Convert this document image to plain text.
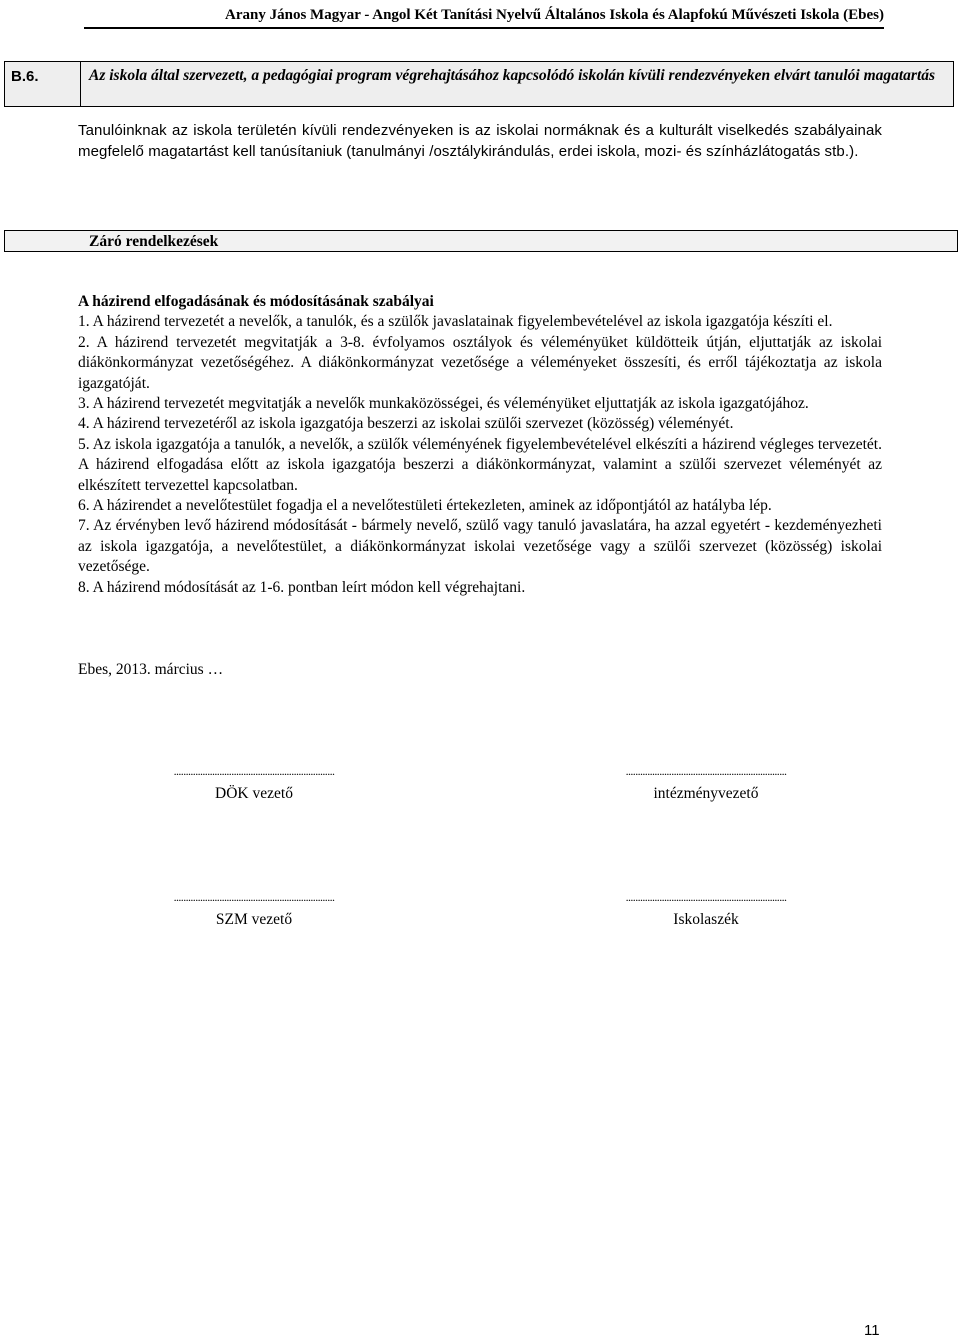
Arany János Magyar - Angol Két Tanítási Nyelvű Általános Iskola és Alapfokú Művészeti Iskola (Ebes)
B.6.	Az iskola által szervezett, a pedagógiai program végrehajtásához kapcsolódó iskolán kívüli rendezvényeken elvárt tanulói magatartás
Tanulóinknak az iskola területén kívüli rendezvényeken is az iskolai normáknak és a kulturált viselkedés szabályainak megfelelő magatartást kell tanúsítaniuk (tanulmányi /osztálykirándulás, erdei iskola, mozi- és színházlátogatás stb.).
Záró rendelkezések

A házirend elfogadásának és módosításának szabályai

1. A házirend tervezetét a nevelők, a tanulók, és a szülők javaslatainak figyelembevételével az iskola igazgatója készíti el.

2. A házirend tervezetét megvitatják a 3-8. évfolyamos osztályok és véleményüket küldötteik útján, eljuttatják az iskolai diákönkormányzat vezetőségéhez. A diákönkormányzat vezetősége a véleményeket összesíti, és erről tájékoztatja az iskola igazgatóját.

3. A házirend tervezetét megvitatják a nevelők munkaközösségei, és véleményüket eljuttatják az iskola igazgatójához.

4. A házirend tervezetéről az iskola igazgatója beszerzi az iskolai szülői szervezet (közösség) véleményét.

5. Az iskola igazgatója a tanulók, a nevelők, a szülők véleményének figyelembevételével elkészíti a házirend végleges tervezetét. A házirend elfogadása előtt az iskola igazgatója beszerzi a diákönkormányzat, valamint a szülői szervezet véleményét az elkészített tervezettel kapcsolatban.

6. A házirendet a nevelőtestület fogadja el a nevelőtestületi értekezleten, aminek az időpontjától az hatályba lép.

7. Az érvényben levő házirend módosítását - bármely nevelő, szülő vagy tanuló javaslatára, ha azzal egyetért - kezdeményezheti az iskola igazgatója, a nevelőtestület, a diákönkormányzat iskolai vezetősége vagy a szülői szervezet (közösség) iskolai vezetősége.

8. A házirend módosítását az 1-6. pontban leírt módon kell végrehajtani.

Ebes, 2013. március …
...................................................................
DÖK vezető
...................................................................
intézményvezető
...................................................................
SZM vezető
...................................................................
Iskolaszék
11
